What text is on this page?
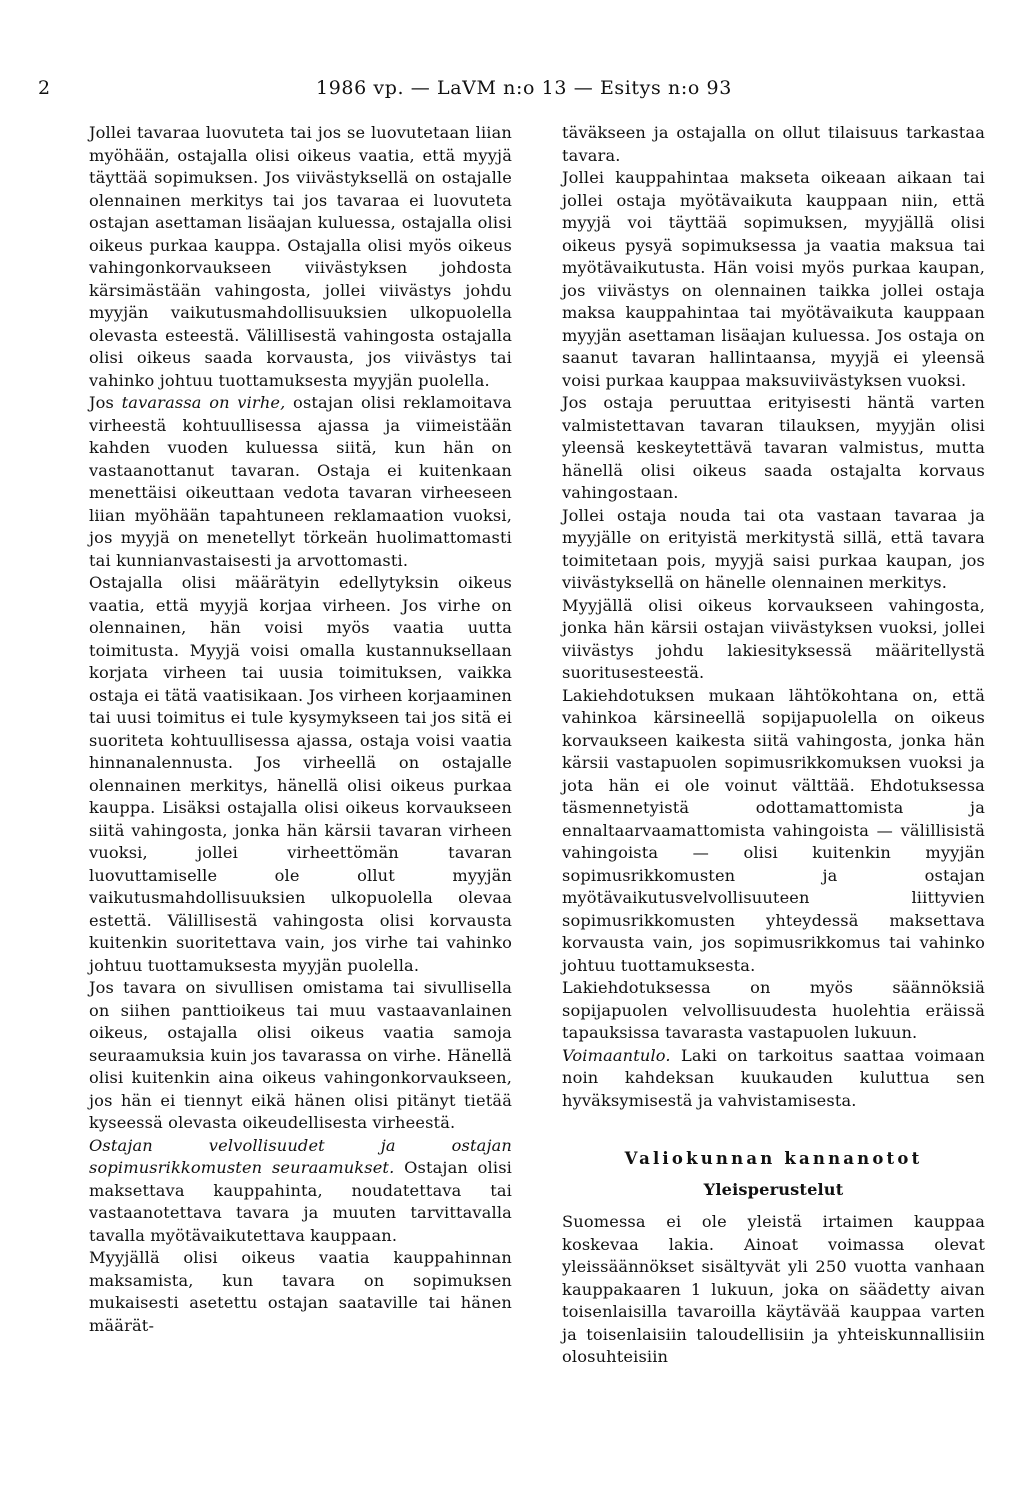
2	1986 vp. — LaVM n:o 13 — Esitys n:o 93

Jollei tavaraa luovuteta tai jos se luovutetaan liian myöhään, ostajalla olisi oikeus vaatia, että myyjä täyttää sopimuksen. Jos viivästyksellä on ostajalle olennainen merkitys tai jos tavaraa ei luovuteta ostajan asettaman lisäajan kuluessa, ostajalla olisi oikeus purkaa kauppa. Ostajalla olisi myös oikeus vahingonkorvaukseen viivästyksen johdosta kärsimästään vahingosta, jollei viivästys johdu myyjän vaikutusmahdollisuuksien ulkopuolella olevasta esteestä. Välillisestä vahingosta ostajalla olisi oikeus saada korvausta, jos viivästys tai vahinko johtuu tuottamuksesta myyjän puolella.

Jos tavarassa on virhe, ostajan olisi reklamoitava virheestä kohtuullisessa ajassa ja viimeistään kahden vuoden kuluessa siitä, kun hän on vastaanottanut tavaran. Ostaja ei kuitenkaan menettäisi oikeuttaan vedota tavaran virheeseen liian myöhään tapahtuneen reklamaation vuoksi, jos myyjä on menetellyt törkeän huolimattomasti tai kunnianvastaisesti ja arvottomasti.

Ostajalla olisi määrätyin edellytyksin oikeus vaatia, että myyjä korjaa virheen. Jos virhe on olennainen, hän voisi myös vaatia uutta toimitusta. Myyjä voisi omalla kustannuksellaan korjata virheen tai uusia toimituksen, vaikka ostaja ei tätä vaatisikaan. Jos virheen korjaaminen tai uusi toimitus ei tule kysymykseen tai jos sitä ei suoriteta kohtuullisessa ajassa, ostaja voisi vaatia hinnanalennusta. Jos virheellä on ostajalle olennainen merkitys, hänellä olisi oikeus purkaa kauppa. Lisäksi ostajalla olisi oikeus korvaukseen siitä vahingosta, jonka hän kärsii tavaran virheen vuoksi, jollei virheettömän tavaran luovuttamiselle ole ollut myyjän vaikutusmahdollisuuksien ulkopuolella olevaa estettä. Välillisestä vahingosta olisi korvausta kuitenkin suoritettava vain, jos virhe tai vahinko johtuu tuottamuksesta myyjän puolella.

Jos tavara on sivullisen omistama tai sivullisella on siihen panttioikeus tai muu vastaavanlainen oikeus, ostajalla olisi oikeus vaatia samoja seuraamuksia kuin jos tavarassa on virhe. Hänellä olisi kuitenkin aina oikeus vahingonkorvaukseen, jos hän ei tiennyt eikä hänen olisi pitänyt tietää kyseessä olevasta oikeudellisesta virheestä.

Ostajan velvollisuudet ja ostajan sopimusrikkomusten seuraamukset. Ostajan olisi maksettava kauppahinta, noudatettava tai vastaanotettava tavara ja muuten tarvittavalla tavalla myötävaikutettava kauppaan.

Myyjällä olisi oikeus vaatia kauppahinnan maksamista, kun tavara on sopimuksen mukaisesti asetettu ostajan saataville tai hänen määrät-

täväkseen ja ostajalla on ollut tilaisuus tarkastaa tavara.

Jollei kauppahintaa makseta oikeaan aikaan tai jollei ostaja myötävaikuta kauppaan niin, että myyjä voi täyttää sopimuksen, myyjällä olisi oikeus pysyä sopimuksessa ja vaatia maksua tai myötävaikutusta. Hän voisi myös purkaa kaupan, jos viivästys on olennainen taikka jollei ostaja maksa kauppahintaa tai myötävaikuta kauppaan myyjän asettaman lisäajan kuluessa. Jos ostaja on saanut tavaran hallintaansa, myyjä ei yleensä voisi purkaa kauppaa maksuviivästyksen vuoksi.

Jos ostaja peruuttaa erityisesti häntä varten valmistettavan tavaran tilauksen, myyjän olisi yleensä keskeytettävä tavaran valmistus, mutta hänellä olisi oikeus saada ostajalta korvaus vahingostaan.

Jollei ostaja nouda tai ota vastaan tavaraa ja myyjälle on erityistä merkitystä sillä, että tavara toimitetaan pois, myyjä saisi purkaa kaupan, jos viivästyksellä on hänelle olennainen merkitys.

Myyjällä olisi oikeus korvaukseen vahingosta, jonka hän kärsii ostajan viivästyksen vuoksi, jollei viivästys johdu lakiesityksessä määritellystä suoritusesteestä.

Lakiehdotuksen mukaan lähtökohtana on, että vahinkoa kärsineellä sopijapuolella on oikeus korvaukseen kaikesta siitä vahingosta, jonka hän kärsii vastapuolen sopimusrikkomuksen vuoksi ja jota hän ei ole voinut välttää. Ehdotuksessa täsmennetyistä odottamattomista ja ennaltaarvaamattomista vahingoista — välillisistä vahingoista — olisi kuitenkin myyjän sopimusrikkomusten ja ostajan myötävaikutusvelvollisuuteen liittyvien sopimusrikkomusten yhteydessä maksettava korvausta vain, jos sopimusrikkomus tai vahinko johtuu tuottamuksesta.

Lakiehdotuksessa on myös säännöksiä sopijapuolen velvollisuudesta huolehtia eräissä tapauksissa tavarasta vastapuolen lukuun.

Voimaantulo. Laki on tarkoitus saattaa voimaan noin kahdeksan kuukauden kuluttua sen hyväksymisestä ja vahvistamisesta.

Valiokunnan kannanotot
Yleisperustelut

Suomessa ei ole yleistä irtaimen kauppaa koskevaa lakia. Ainoat voimassa olevat yleissäännökset sisältyvät yli 250 vuotta vanhaan kauppakaaren 1 lukuun, joka on säädetty aivan toisenlaisilla tavaroilla käytävää kauppaa varten ja toisenlaisiin taloudellisiin ja yhteiskunnallisiin olosuhteisiin
